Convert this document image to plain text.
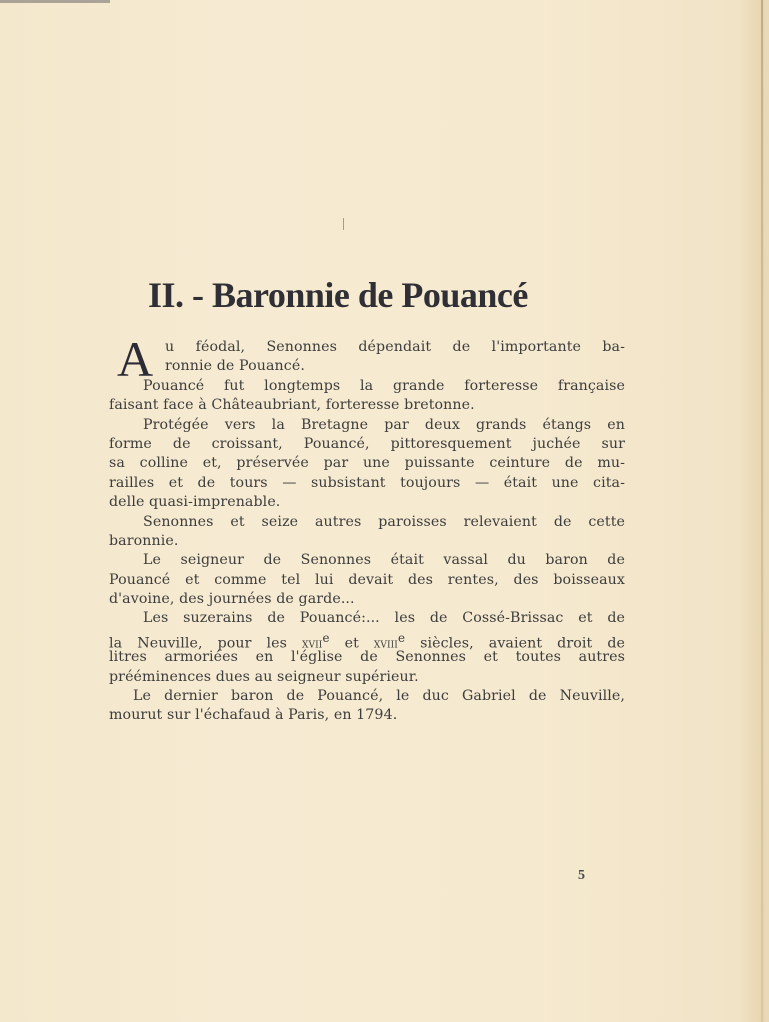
II. - Baronnie de Pouancé
A u féodal, Senonnes dépendait de l'importante ba-
ronnie de Pouancé.
Pouancé fut longtemps la grande forteresse française
faisant face à Châteaubriant, forteresse bretonne.
Protégée vers la Bretagne par deux grands étangs en
forme de croissant, Pouancé, pittoresquement juchée sur
sa colline et, préservée par une puissante ceinture de mu-
railles et de tours — subsistant toujours — était une cita-
delle quasi-imprenable.
Senonnes et seize autres paroisses relevaient de cette
baronnie.
Le seigneur de Senonnes était vassal du baron de
Pouancé et comme tel lui devait des rentes, des boisseaux
d'avoine, des journées de garde...
Les suzerains de Pouancé:... les de Cossé-Brissac et de
la Neuville, pour les xvii$^e$ et xviii$^e$ siècles, avaient droit de
litres armoriées en l'église de Senonnes et toutes autres
prééminences dues au seigneur supérieur.
Le dernier baron de Pouancé, le duc Gabriel de Neuville,
mourut sur l'échafaud à Paris, en 1794.
5
